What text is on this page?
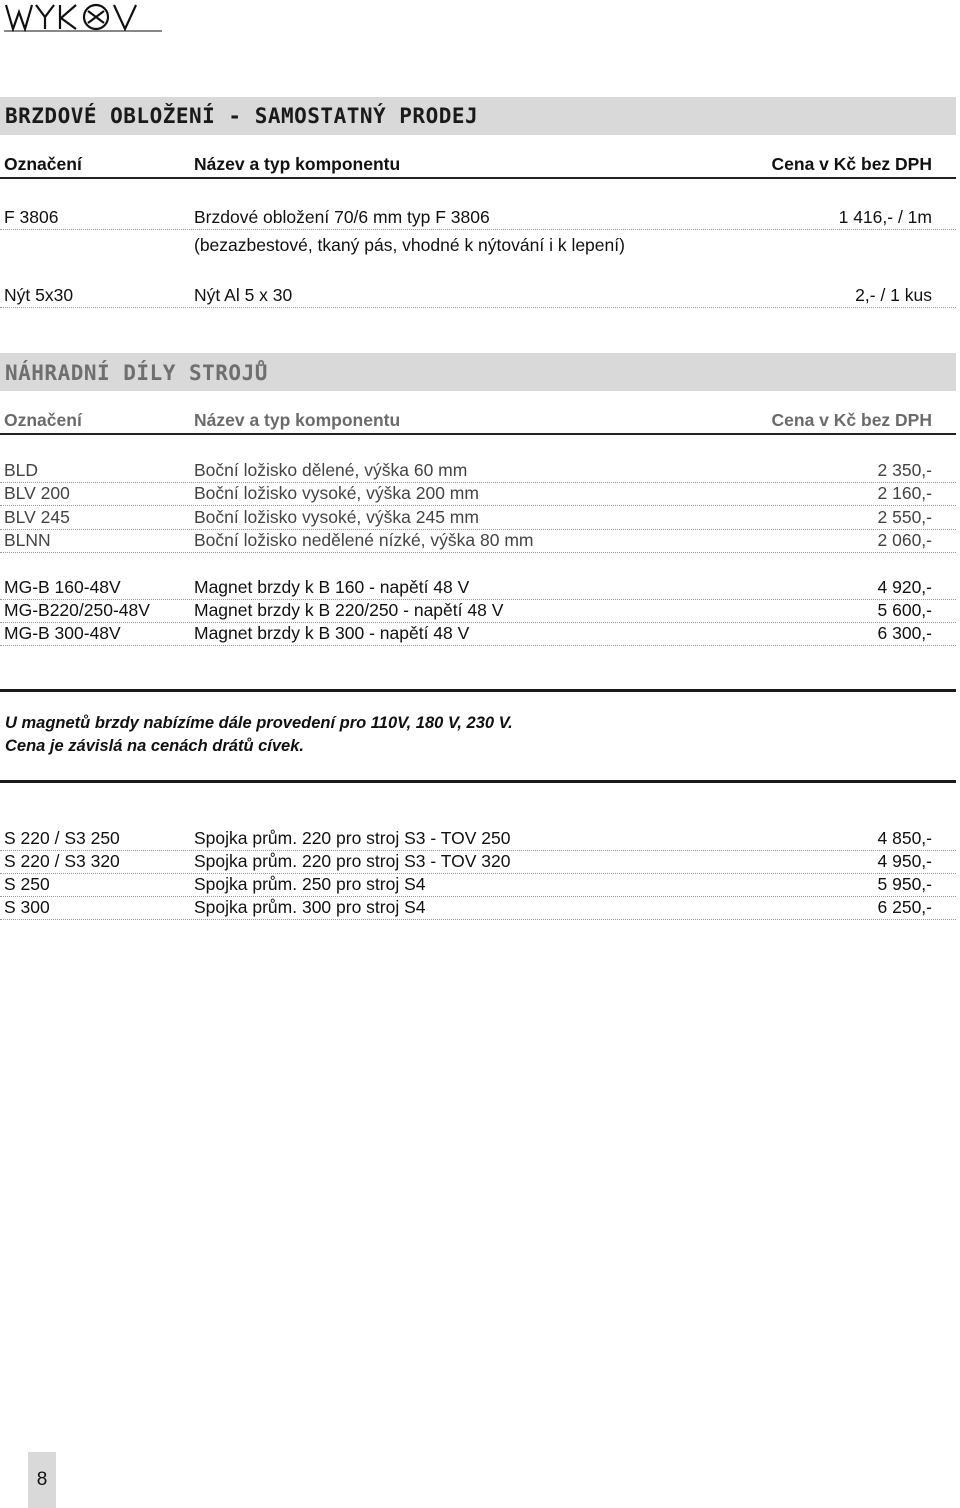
BRZDOVÉ OBLOŽENÍ - SAMOSTATNÝ PRODEJ
Označení	Název a typ komponentu	Cena v Kč bez DPH
F 3806	Brzdové obložení 70/6 mm typ F 3806	1 416,- / 1m
(bezazbestové, tkaný pás, vhodné k nýtování i k lepení)
Nýt 5x30	Nýt Al 5 x 30	2,- / 1 kus
NÁHRADNÍ DÍLY STROJŮ
Označení	Název a typ komponentu	Cena v Kč bez DPH
BLD	Boční ložisko dělené, výška 60 mm	2 350,-
BLV 200	Boční ložisko vysoké, výška 200 mm	2 160,-
BLV 245	Boční ložisko vysoké, výška 245 mm	2 550,-
BLNN	Boční ložisko nedělené nízké, výška 80 mm	2 060,-
MG-B 160-48V	Magnet brzdy k B 160 - napětí 48 V	4 920,-
MG-B220/250-48V	Magnet brzdy k B 220/250 - napětí 48 V	5 600,-
MG-B 300-48V	Magnet brzdy k B 300 - napětí 48 V	6 300,-
U magnetů brzdy nabízíme dále provedení pro 110V, 180 V, 230 V.
Cena je závislá na cenách drátů cívek.
S 220 / S3 250	Spojka prům. 220 pro stroj S3 - TOV 250	4 850,-
S 220 / S3 320	Spojka prům. 220 pro stroj S3 - TOV 320	4 950,-
S 250	Spojka prům. 250 pro stroj S4	5 950,-
S 300	Spojka prům. 300 pro stroj S4	6 250,-
8
